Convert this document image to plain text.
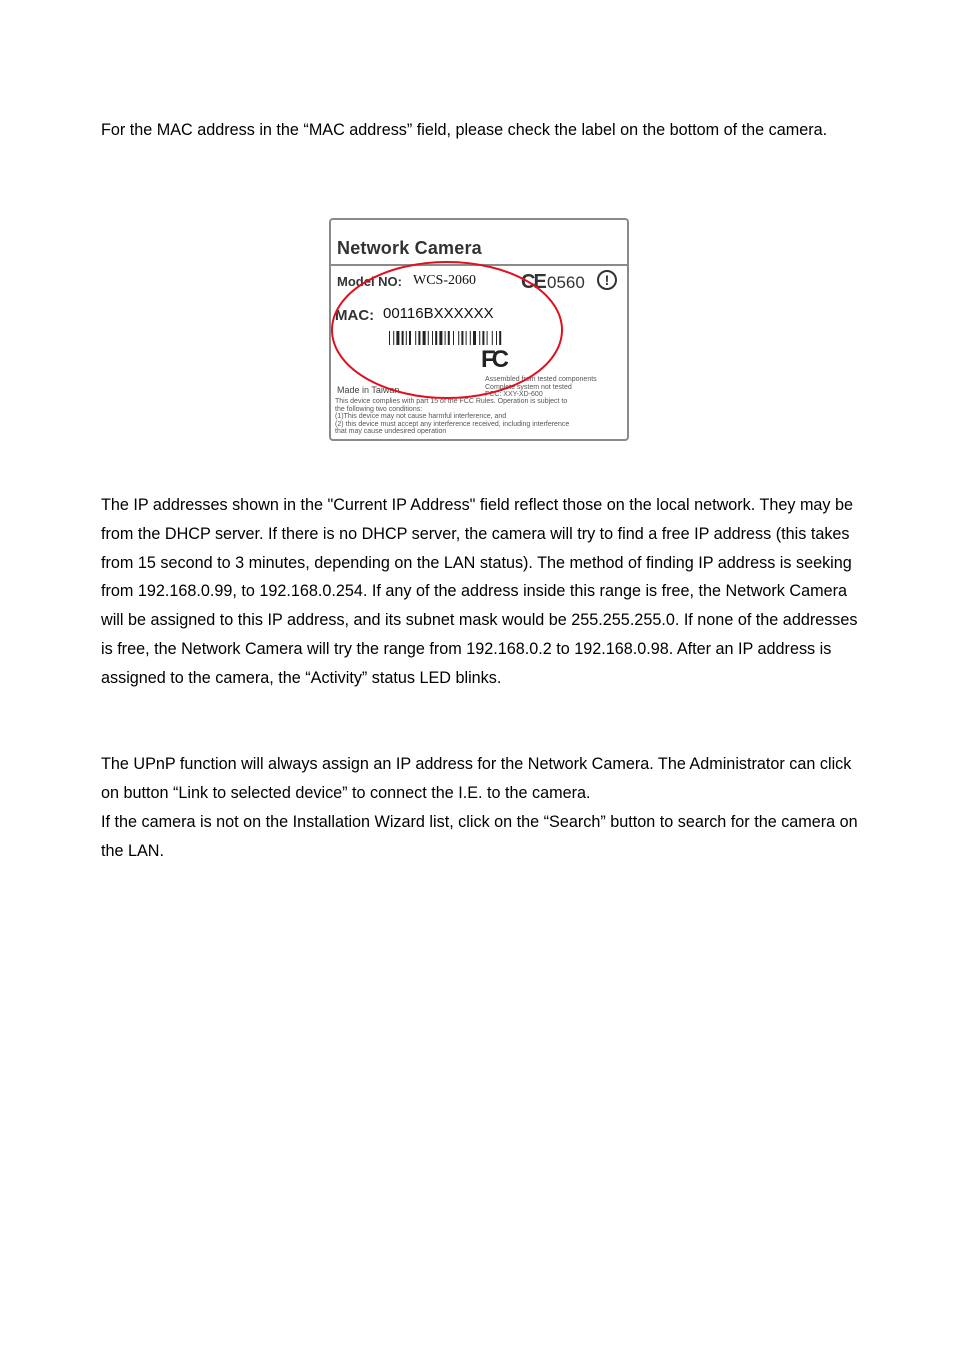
For the MAC address in the “MAC address” field, please check the label on the bottom of the camera.

Network Camera
Model NO: WCS-2060 CE 0560	!
MAC: 00116BXXXXXX
FC
Assembled from tested components
Complete system not tested
FCC: XXY-XD-600
Made in Taiwan
This device complies with part 15 of the FCC Rules. Operation is subject to
the following two conditions:
(1)This device may not cause harmful interference, and
(2) this device must accept any interference received, including interference
that may cause undesired operation

The IP addresses shown in the "Current IP Address" field reflect those on the local network. They may be from the DHCP server. If there is no DHCP server, the camera will try to find a free IP address (this takes from 15 second to 3 minutes, depending on the LAN status). The method of finding IP address is seeking from 192.168.0.99, to 192.168.0.254. If any of the address inside this range is free, the Network Camera will be assigned to this IP address, and its subnet mask would be 255.255.255.0. If none of the addresses is free, the Network Camera will try the range from 192.168.0.2 to 192.168.0.98. After an IP address is assigned to the camera, the “Activity” status LED blinks.

The UPnP function will always assign an IP address for the Network Camera. The Administrator can click on button “Link to selected device” to connect the I.E. to the camera.

If the camera is not on the Installation Wizard list, click on the “Search” button to search for the camera on the LAN.
